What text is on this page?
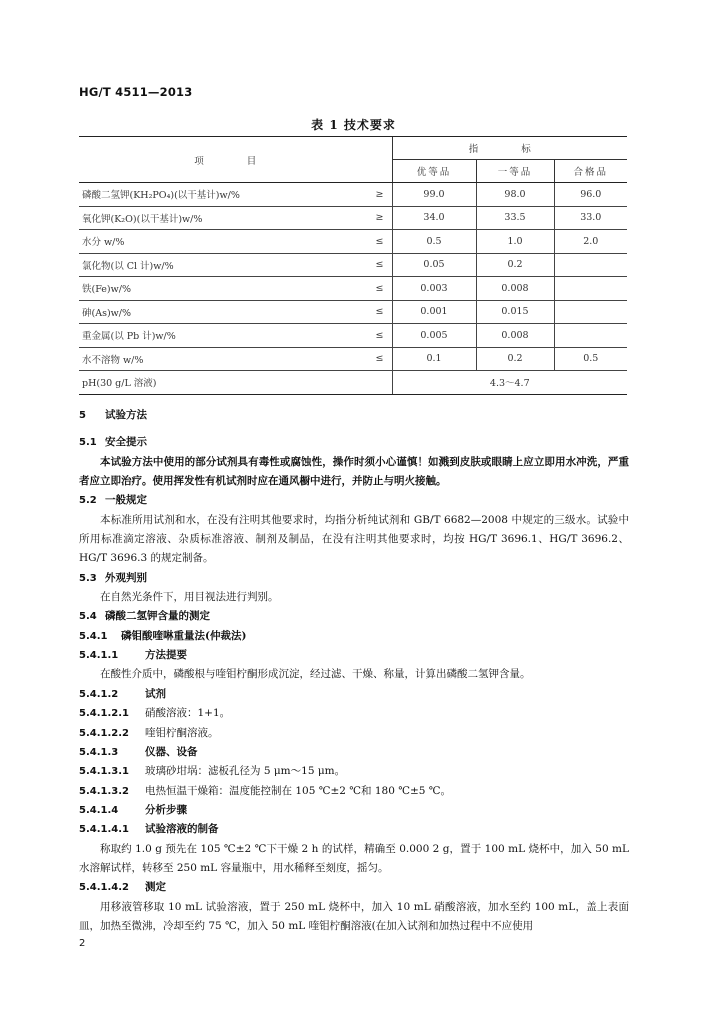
HG/T 4511—2013
表 1 技术要求
项 目		指 标		
		优等品	一等品	合格品
磷酸二氢钾(KH₂PO₄)(以干基计)w/%	≥	99.0	98.0	96.0
氧化钾(K₂O)(以干基计)w/%	≥	34.0	33.5	33.0
水分 w/%	≤	0.5	1.0	2.0
氯化物(以 Cl 计)w/%	≤	0.05	0.2	
铁(Fe)w/%	≤	0.003	0.008	
砷(As)w/%	≤	0.001	0.015	
重金属(以 Pb 计)w/%	≤	0.005	0.008	
水不溶物 w/%	≤	0.1	0.2	0.5
pH(30 g/L 溶液)		4.3～4.7		
5 试验方法
5.1 安全提示
本试验方法中使用的部分试剂具有毒性或腐蚀性，操作时须小心谨慎！如溅到皮肤或眼睛上应立即用水冲洗，严重者应立即治疗。使用挥发性有机试剂时应在通风橱中进行，并防止与明火接触。
5.2 一般规定
本标准所用试剂和水，在没有注明其他要求时，均指分析纯试剂和 GB/T 6682—2008 中规定的三级水。试验中所用标准滴定溶液、杂质标准溶液、制剂及制品，在没有注明其他要求时，均按 HG/T 3696.1、HG/T 3696.2、HG/T 3696.3 的规定制备。
5.3 外观判别
在自然光条件下，用目视法进行判别。
5.4 磷酸二氢钾含量的测定
5.4.1 磷钼酸喹啉重量法(仲裁法)
5.4.1.1	方法提要
在酸性介质中，磷酸根与喹钼柠酮形成沉淀，经过滤、干燥、称量，计算出磷酸二氢钾含量。
5.4.1.2	试剂
5.4.1.2.1 硝酸溶液：1+1。
5.4.1.2.2 喹钼柠酮溶液。
5.4.1.3	仪器、设备
5.4.1.3.1 玻璃砂坩埚：滤板孔径为 5 μm～15 μm。
5.4.1.3.2 电热恒温干燥箱：温度能控制在 105 ℃±2 ℃和 180 ℃±5 ℃。
5.4.1.4	分析步骤
5.4.1.4.1 试验溶液的制备
称取约 1.0 g 预先在 105 ℃±2 ℃下干燥 2 h 的试样，精确至 0.000 2 g，置于 100 mL 烧杯中，加入 50 mL 水溶解试样，转移至 250 mL 容量瓶中，用水稀释至刻度，摇匀。
5.4.1.4.2 测定
用移液管移取 10 mL 试验溶液，置于 250 mL 烧杯中，加入 10 mL 硝酸溶液，加水至约 100 mL，盖上表面皿，加热至微沸，冷却至约 75 ℃，加入 50 mL 喹钼柠酮溶液(在加入试剂和加热过程中不应使用
2
